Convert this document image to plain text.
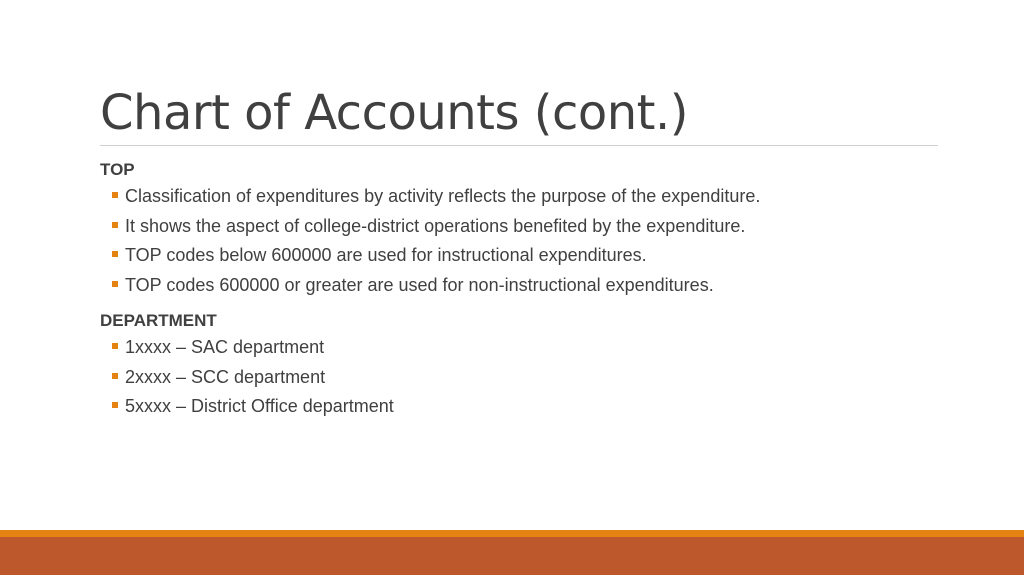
Chart of Accounts (cont.)
TOP
Classification of expenditures by activity reflects the purpose of the expenditure.
It shows the aspect of college-district operations benefited by the expenditure.
TOP codes below 600000 are used for instructional expenditures.
TOP codes 600000 or greater are used for non-instructional expenditures.
DEPARTMENT
1xxxx – SAC department
2xxxx – SCC department
5xxxx – District Office department
